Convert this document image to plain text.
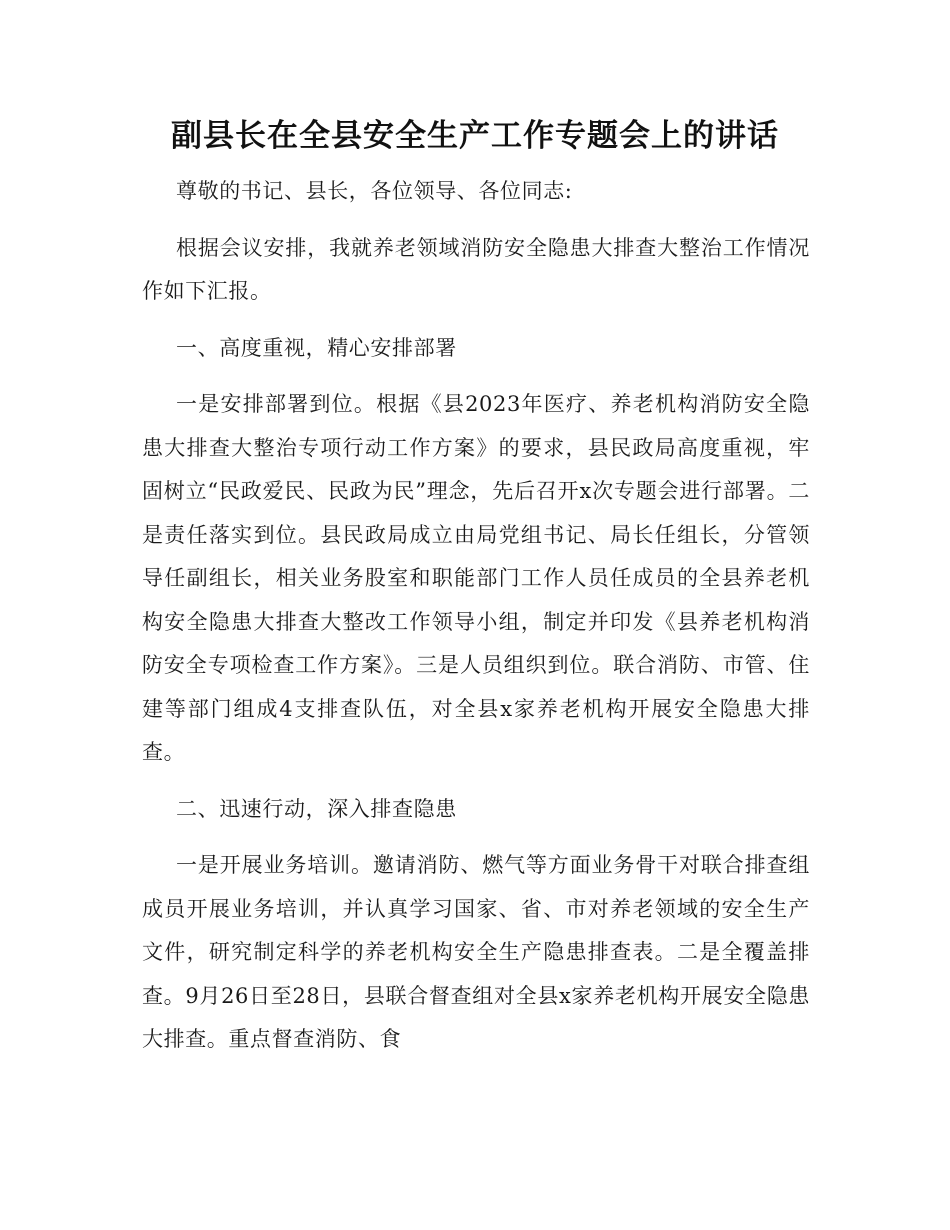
副县长在全县安全生产工作专题会上的讲话

尊敬的书记、县长，各位领导、各位同志:

根据会议安排，我就养老领域消防安全隐患大排查大整治工作情况作如下汇报。

一、高度重视，精心安排部署

一是安排部署到位。根据《县2023年医疗、养老机构消防安全隐患大排查大整治专项行动工作方案》的要求，县民政局高度重视，牢固树立“民政爱民、民政为民”理念，先后召开x次专题会进行部署。二是责任落实到位。县民政局成立由局党组书记、局长任组长，分管领导任副组长，相关业务股室和职能部门工作人员任成员的全县养老机构安全隐患大排查大整改工作领导小组，制定并印发《县养老机构消防安全专项检查工作方案》。三是人员组织到位。联合消防、市管、住建等部门组成4支排查队伍，对全县x家养老机构开展安全隐患大排查。

二、迅速行动，深入排查隐患

一是开展业务培训。邀请消防、燃气等方面业务骨干对联合排查组成员开展业务培训，并认真学习国家、省、市对养老领域的安全生产文件，研究制定科学的养老机构安全生产隐患排查表。二是全覆盖排查。9月26日至28日，县联合督查组对全县x家养老机构开展安全隐患大排查。重点督查消防、食
